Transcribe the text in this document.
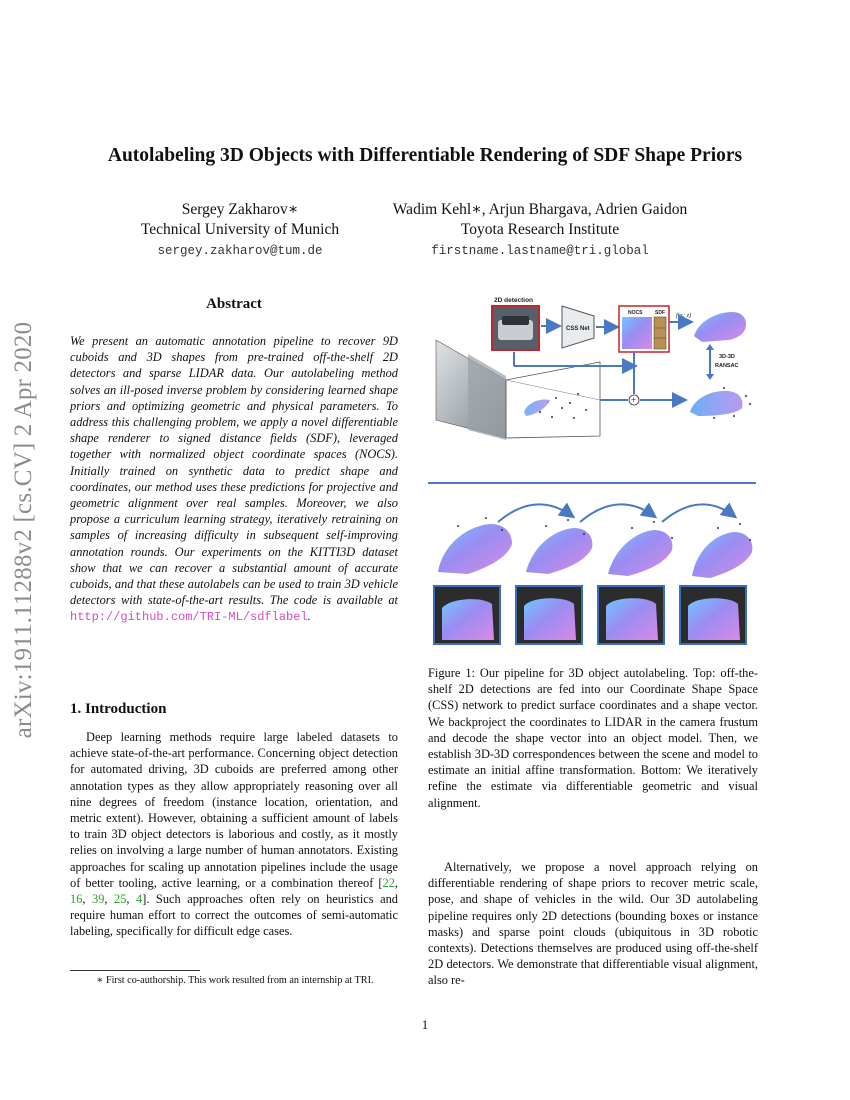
Autolabeling 3D Objects with Differentiable Rendering of SDF Shape Priors
Sergey Zakharov∗
Technical University of Munich
sergey.zakharov@tum.de
Wadim Kehl∗, Arjun Bhargava, Adrien Gaidon
Toyota Research Institute
firstname.lastname@tri.global
arXiv:1911.11288v2 [cs.CV] 2 Apr 2020
Abstract
We present an automatic annotation pipeline to recover 9D cuboids and 3D shapes from pre-trained off-the-shelf 2D detectors and sparse LIDAR data. Our autolabeling method solves an ill-posed inverse problem by considering learned shape priors and optimizing geometric and physical parameters. To address this challenging problem, we apply a novel differentiable shape renderer to signed distance fields (SDF), leveraged together with normalized object coordinate spaces (NOCS). Initially trained on synthetic data to predict shape and coordinates, our method uses these predictions for projective and geometric alignment over real samples. Moreover, we also propose a curriculum learning strategy, iteratively retraining on samples of increasing difficulty in subsequent self-improving annotation rounds. Our experiments on the KITTI3D dataset show that we can recover a substantial amount of accurate cuboids, and that these autolabels can be used to train 3D vehicle detectors with state-of-the-art results. The code is available at http://github.com/TRI-ML/sdflabel.
1. Introduction
Deep learning methods require large labeled datasets to achieve state-of-the-art performance. Concerning object detection for automated driving, 3D cuboids are preferred among other annotation types as they allow appropriately reasoning over all nine degrees of freedom (instance location, orientation, and metric extent). However, obtaining a sufficient amount of labels to train 3D object detectors is laborious and costly, as it mostly relies on involving a large number of human annotators. Existing approaches for scaling up annotation pipelines include the usage of better tooling, active learning, or a combination thereof [22, 16, 39, 25, 4]. Such approaches often rely on heuristics and require human effort to correct the outcomes of semi-automatic labeling, specifically for difficult edge cases.
∗ First co-authorship. This work resulted from an internship at TRI.
2D detection
CSS Net
NOCS	SDF f(x; z)
3D-3D
RANSAC
+
Figure 1: Our pipeline for 3D object autolabeling. Top: off-the-shelf 2D detections are fed into our Coordinate Shape Space (CSS) network to predict surface coordinates and a shape vector. We backproject the coordinates to LIDAR in the camera frustum and decode the shape vector into an object model. Then, we establish 3D-3D correspondences between the scene and model to estimate an initial affine transformation. Bottom: We iteratively refine the estimate via differentiable geometric and visual alignment.
Alternatively, we propose a novel approach relying on differentiable rendering of shape priors to recover metric scale, pose, and shape of vehicles in the wild. Our 3D autolabeling pipeline requires only 2D detections (bounding boxes or instance masks) and sparse point clouds (ubiquitous in 3D robotic contexts). Detections themselves are produced using off-the-shelf 2D detectors. We demonstrate that differentiable visual alignment, also re-
1
